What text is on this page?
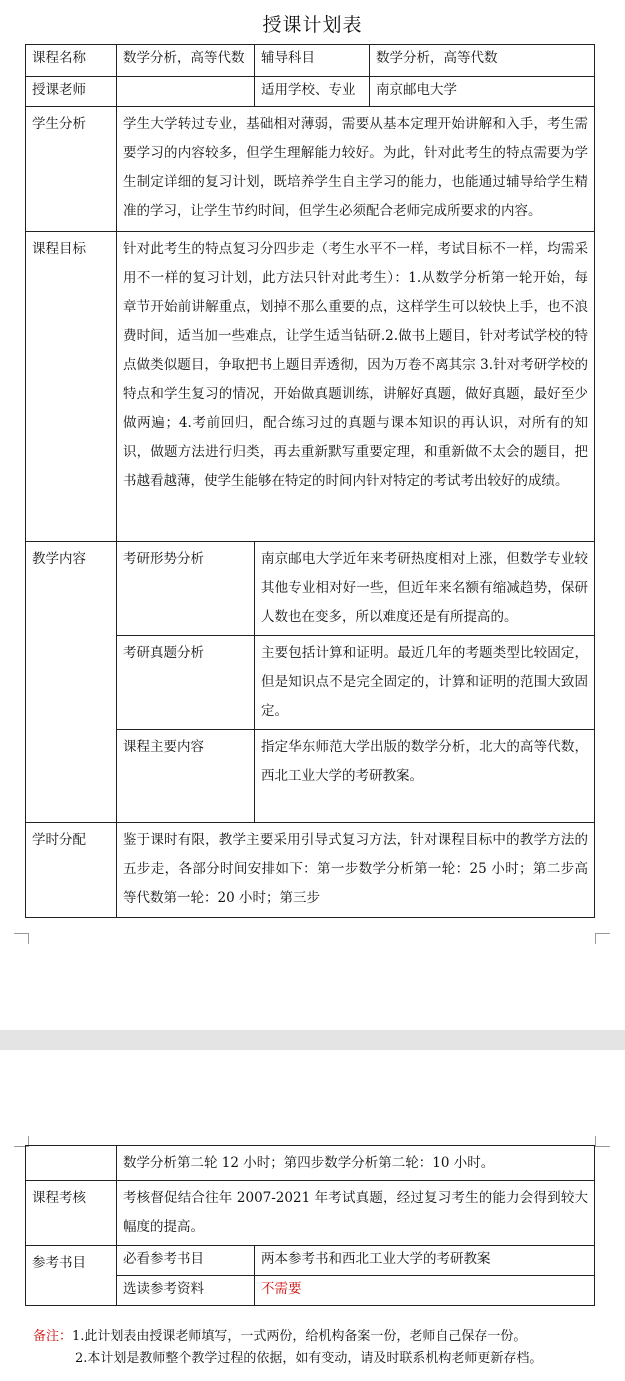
授课计划表
课程名称	数学分析，高等代数	辅导科目	数学分析，高等代数
授课老师		适用学校、专业	南京邮电大学
学生分析	学生大学转过专业，基础相对薄弱，需要从基本定理开始讲解和入手，考生需要学习的内容较多，但学生理解能力较好。为此，针对此考生的特点需要为学生制定详细的复习计划，既培养学生自主学习的能力，也能通过辅导给学生精准的学习，让学生节约时间，但学生必须配合老师完成所要求的内容。		
课程目标	针对此考生的特点复习分四步走（考生水平不一样，考试目标不一样，均需采用不一样的复习计划，此方法只针对此考生）：1.从数学分析第一轮开始，每章节开始前讲解重点，划掉不那么重要的点，这样学生可以较快上手，也不浪费时间，适当加一些难点，让学生适当钻研.2.做书上题目，针对考试学校的特点做类似题目，争取把书上题目弄透彻，因为万卷不离其宗 3.针对考研学校的特点和学生复习的情况，开始做真题训练，讲解好真题，做好真题，最好至少做两遍；4.考前回归，配合练习过的真题与课本知识的再认识，对所有的知识，做题方法进行归类，再去重新默写重要定理，和重新做不太会的题目，把书越看越薄，使学生能够在特定的时间内针对特定的考试考出较好的成绩。		
教学内容	考研形势分析	南京邮电大学近年来考研热度相对上涨，但数学专业较其他专业相对好一些，但近年来名额有缩减趋势，保研人数也在变多，所以难度还是有所提高的。	
	考研真题分析	主要包括计算和证明。最近几年的考题类型比较固定，但是知识点不是完全固定的，计算和证明的范围大致固定。	
	课程主要内容	指定华东师范大学出版的数学分析，北大的高等代数，西北工业大学的考研教案。	
学时分配	鉴于课时有限，教学主要采用引导式复习方法，针对课程目标中的教学方法的五步走，各部分时间安排如下：第一步数学分析第一轮：25 小时；第二步高等代数第一轮：20 小时；第三步		
	数学分析第二轮 12 小时；第四步数学分析第二轮：10 小时。	
课程考核	考核督促结合往年 2007-2021 年考试真题，经过复习考生的能力会得到较大幅度的提高。	
参考书目	必看参考书目	两本参考书和西北工业大学的考研教案
	选读参考资料	不需要
备注：1.此计划表由授课老师填写，一式两份，给机构备案一份，老师自己保存一份。
2.本计划是教师整个教学过程的依据，如有变动，请及时联系机构老师更新存档。
